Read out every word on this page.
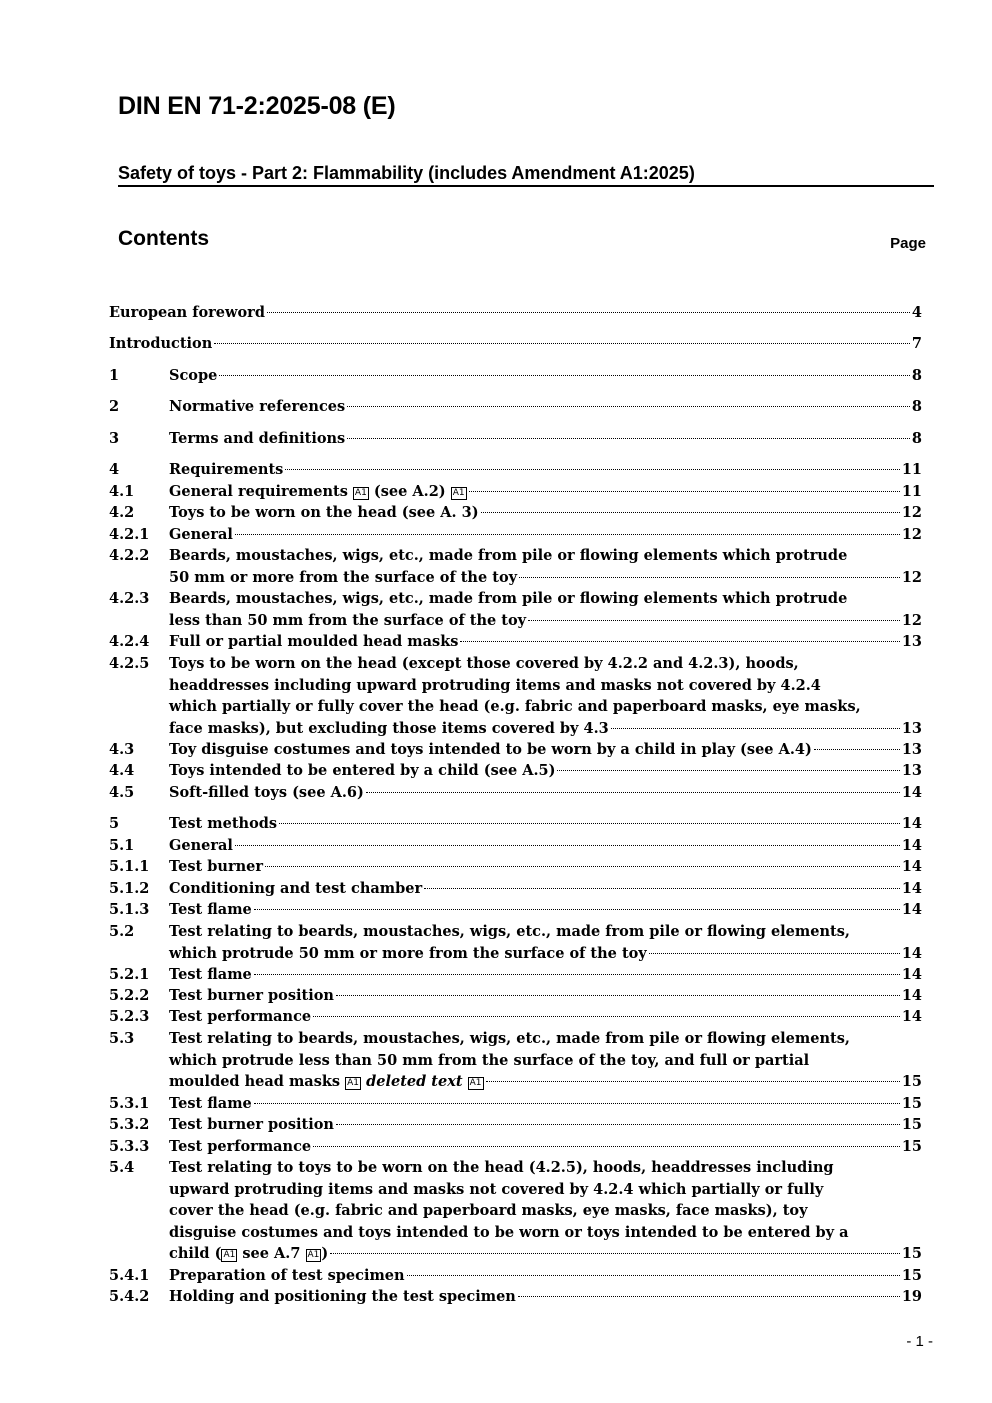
DIN EN 71-2:2025-08 (E)
Safety of toys - Part 2: Flammability (includes Amendment A1:2025)
Contents	Page
European foreword	4
Introduction	7
1	Scope	8
2	Normative references	8
3	Terms and definitions	8
4	Requirements	11
4.1 General requirements A1 (see A.2) A1	11
4.2 Toys to be worn on the head (see A. 3)	12
4.2.1 General	12
4.2.2 Beards, moustaches, wigs, etc., made from pile or flowing elements which protrude
50 mm or more from the surface of the toy	12
4.2.3 Beards, moustaches, wigs, etc., made from pile or flowing elements which protrude
less than 50 mm from the surface of the toy	12
4.2.4 Full or partial moulded head masks	13
4.2.5 Toys to be worn on the head (except those covered by 4.2.2 and 4.2.3), hoods,
headdresses including upward protruding items and masks not covered by 4.2.4
which partially or fully cover the head (e.g. fabric and paperboard masks, eye masks,
face masks), but excluding those items covered by 4.3	13
4.3 Toy disguise costumes and toys intended to be worn by a child in play (see A.4)	13
4.4 Toys intended to be entered by a child (see A.5)	13
4.5 Soft-filled toys (see A.6)	14
5	Test methods	14
5.1 General	14
5.1.1 Test burner	14
5.1.2 Conditioning and test chamber	14
5.1.3 Test flame	14
5.2 Test relating to beards, moustaches, wigs, etc., made from pile or flowing elements,
which protrude 50 mm or more from the surface of the toy	14
5.2.1 Test flame	14
5.2.2 Test burner position	14
5.2.3 Test performance	14
5.3 Test relating to beards, moustaches, wigs, etc., made from pile or flowing elements,
which protrude less than 50 mm from the surface of the toy, and full or partial
moulded head masks A1 deleted text A1	15
5.3.1 Test flame	15
5.3.2 Test burner position	15
5.3.3 Test performance	15
5.4 Test relating to toys to be worn on the head (4.2.5), hoods, headdresses including
upward protruding items and masks not covered by 4.2.4 which partially or fully
cover the head (e.g. fabric and paperboard masks, eye masks, face masks), toy
disguise costumes and toys intended to be worn or toys intended to be entered by a
child ( A1 see A.7 A1 )	15
5.4.1 Preparation of test specimen	15
5.4.2 Holding and positioning the test specimen	19
- 1 -
